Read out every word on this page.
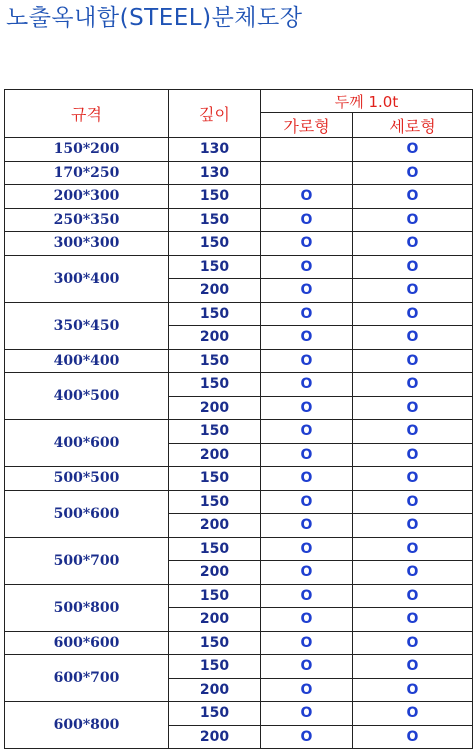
노출옥내함(STEEL)분체도장
규격	깊이	두께 1.0t	
		가로형	세로형
150*200	130		O
170*250	130		O
200*300	150	O	O
250*350	150	O	O
300*300	150	O	O
300*400	150	O	O
	200	O	O
350*450	150	O	O
	200	O	O
400*400	150	O	O
400*500	150	O	O
	200	O	O
400*600	150	O	O
	200	O	O
500*500	150	O	O
500*600	150	O	O
	200	O	O
500*700	150	O	O
	200	O	O
500*800	150	O	O
	200	O	O
600*600	150	O	O
600*700	150	O	O
	200	O	O
600*800	150	O	O
	200	O	O
